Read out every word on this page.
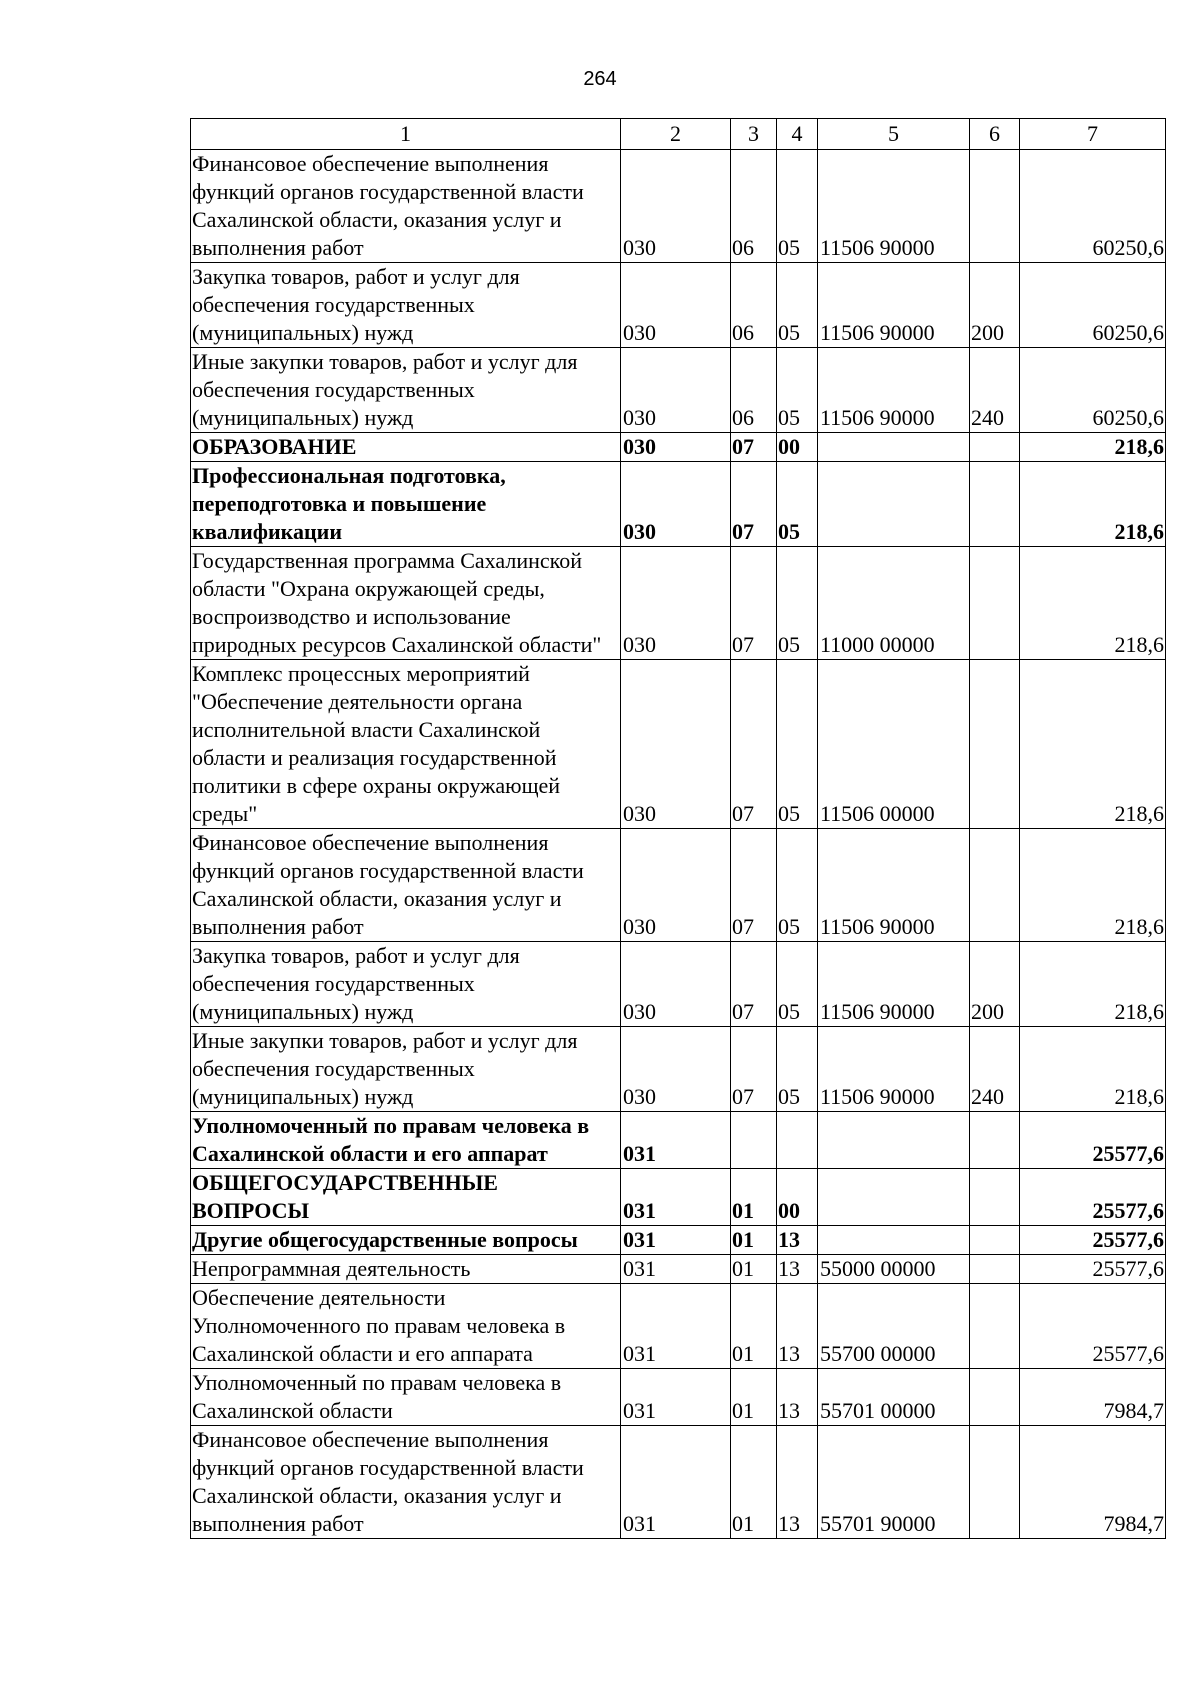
264
1	2	3	4	5	6	7
Финансовое обеспечение выполнения функций органов государственной власти Сахалинской области, оказания услуг и выполнения работ	030	06	05	11506 90000		60250,6
Закупка товаров, работ и услуг для обеспечения государственных (муниципальных) нужд	030	06	05	11506 90000	200	60250,6
Иные закупки товаров, работ и услуг для обеспечения государственных (муниципальных) нужд	030	06	05	11506 90000	240	60250,6
ОБРАЗОВАНИЕ	030	07	00			218,6
Профессиональная подготовка, переподготовка и повышение квалификации	030	07	05			218,6
Государственная программа Сахалинской области "Охрана окружающей среды, воспроизводство и использование природных ресурсов Сахалинской области"	030	07	05	11000 00000		218,6
Комплекс процессных мероприятий "Обеспечение деятельности органа исполнительной власти Сахалинской области и реализация государственной политики в сфере охраны окружающей среды"	030	07	05	11506 00000		218,6
Финансовое обеспечение выполнения функций органов государственной власти Сахалинской области, оказания услуг и выполнения работ	030	07	05	11506 90000		218,6
Закупка товаров, работ и услуг для обеспечения государственных (муниципальных) нужд	030	07	05	11506 90000	200	218,6
Иные закупки товаров, работ и услуг для обеспечения государственных (муниципальных) нужд	030	07	05	11506 90000	240	218,6
Уполномоченный по правам человека в Сахалинской области и его аппарат	031					25577,6
ОБЩЕГОСУДАРСТВЕННЫЕ ВОПРОСЫ	031	01	00			25577,6
Другие общегосударственные вопросы	031	01	13			25577,6
Непрограммная деятельность	031	01	13	55000 00000		25577,6
Обеспечение деятельности Уполномоченного по правам человека в Сахалинской области и его аппарата	031	01	13	55700 00000		25577,6
Уполномоченный по правам человека в Сахалинской области	031	01	13	55701 00000		7984,7
Финансовое обеспечение выполнения функций органов государственной власти Сахалинской области, оказания услуг и выполнения работ	031	01	13	55701 90000		7984,7
